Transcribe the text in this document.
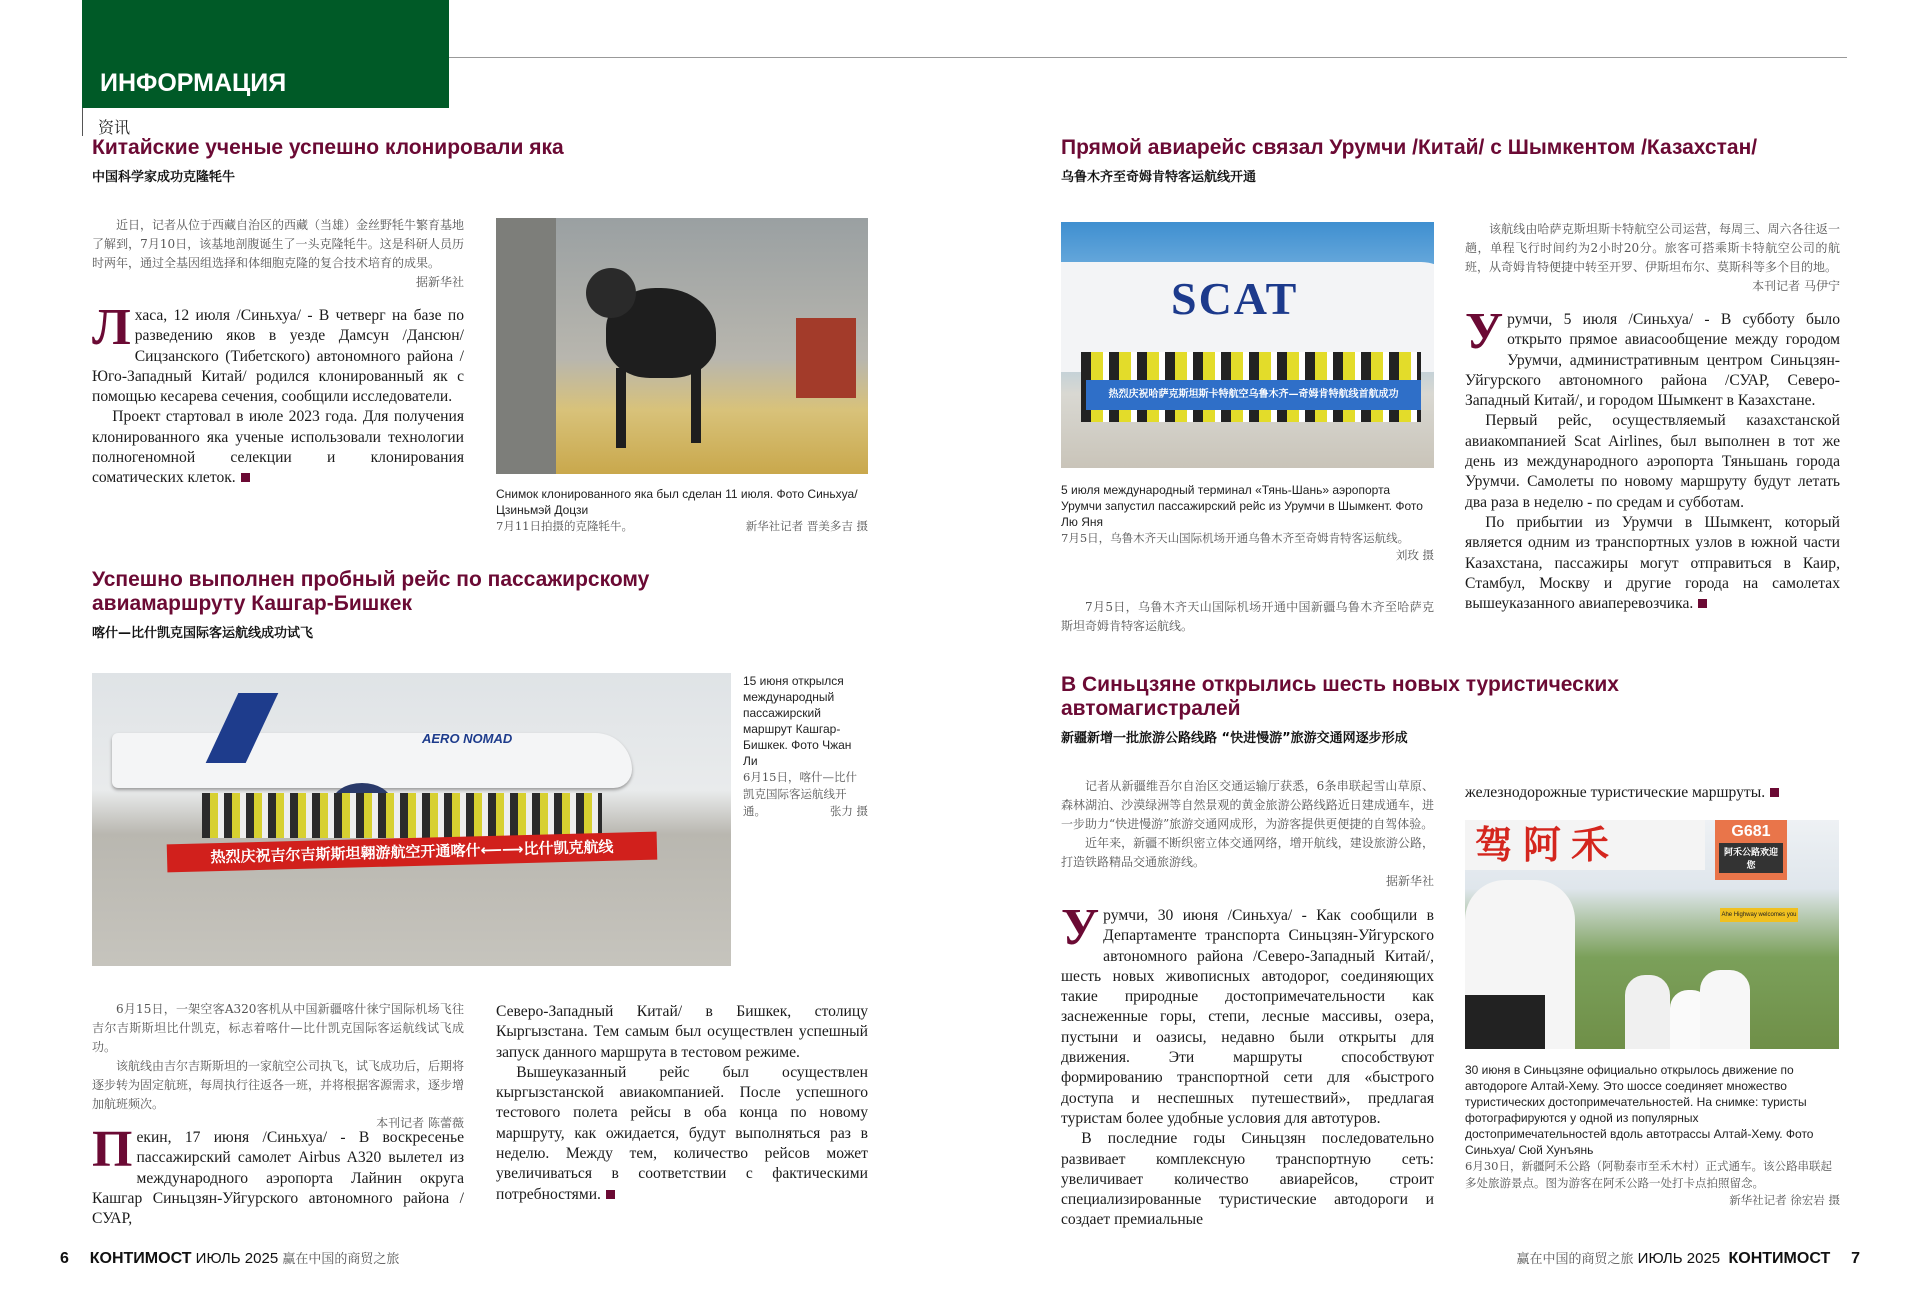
ИНФОРМАЦИЯ
资讯
Китайские ученые успешно клонировали яка
中国科学家成功克隆牦牛
近日，记者从位于西藏自治区的西藏（当雄）金丝野牦牛繁育基地了解到，7月10日，该基地剖腹诞生了一头克隆牦牛。这是科研人员历时两年，通过全基因组选择和体细胞克隆的复合技术培育的成果。
据新华社

Лхаса, 12 июля /Синьхуа/ - В четверг на базе по разведению яков в уезде Дамсун /Дансюн/ Сицзанского (Тибетского) автономного района /Юго-Западный Китай/ родился клонированный як с помощью кесарева сечения, сообщили исследователи.

Проект стартовал в июле 2023 года. Для получения клонированного яка ученые использовали технологии полногеномной селекции и клонирования соматических клеток.

Снимок клонированного яка был сделан 11 июля. Фото Синьхуа/ Цзиньмэй Доцзи
7月11日拍摄的克隆牦牛。	新华社记者 晋美多吉 摄
Успешно выполнен пробный рейс по пассажирскому авиамаршруту Кашгар-Бишкек
喀什—比什凯克国际客运航线成功试飞
AERO NOMAD
热烈庆祝吉尔吉斯斯坦翱游航空开通喀什⟵⟶比什凯克航线
15 июня открылся международный пассажирский маршрут Кашгар-Бишкек. Фото Чжан Ли
6月15日，喀什—比什凯克国际客运航线开通。	张力 摄
6月15日，一架空客A320客机从中国新疆喀什徕宁国际机场飞往吉尔吉斯斯坦比什凯克，标志着喀什—比什凯克国际客运航线试飞成功。
该航线由吉尔吉斯斯坦的一家航空公司执飞，试飞成功后，后期将逐步转为固定航班，每周执行往返各一班，并将根据客源需求，逐步增加航班频次。
本刊记者 陈蕾薇

Пекин, 17 июня /Синьхуа/ - В воскресенье пассажирский самолет Airbus A320 вылетел из международного аэропорта Лайнин округа Кашгар Синьцзян-Уйгурского автономного района /СУАР,

Северо-Западный Китай/ в Бишкек, столицу Кыргызстана. Тем самым был осуществлен успешный запуск данного маршрута в тестовом режиме.

Вышеуказанный рейс был осуществлен кыргызстанской авиакомпанией. После успешного тестового полета рейсы в оба конца по новому маршруту, как ожидается, будут выполняться раз в неделю. Между тем, количество рейсов может увеличиваться в соответствии с фактическими потребностями.

Прямой авиарейс связал Урумчи /Китай/ с Шымкентом /Казахстан/
乌鲁木齐至奇姆肯特客运航线开通
SCAT
热烈庆祝哈萨克斯坦斯卡特航空乌鲁木齐—奇姆肯特航线首航成功
5 июля международный терминал «Тянь-Шань» аэропорта Урумчи запустил пассажирский рейс из Урумчи в Шымкент. Фото Лю Яня
7月5日，乌鲁木齐天山国际机场开通乌鲁木齐至奇姆肯特客运航线。
刘玫 摄
7月5日，乌鲁木齐天山国际机场开通中国新疆乌鲁木齐至哈萨克斯坦奇姆肯特客运航线。
该航线由哈萨克斯坦斯卡特航空公司运营，每周三、周六各往返一趟，单程飞行时间约为2小时20分。旅客可搭乘斯卡特航空公司的航班，从奇姆肯特便捷中转至开罗、伊斯坦布尔、莫斯科等多个目的地。
本刊记者 马伊宁

Урумчи, 5 июля /Синьхуа/ - В субботу было открыто прямое авиасообщение между городом Урумчи, административным центром Синьцзян-Уйгурского автономного района /СУАР, Северо-Западный Китай/, и городом Шымкент в Казахстане.

Первый рейс, осуществляемый казахстанской авиакомпанией Scat Airlines, был выполнен в тот же день из международного аэропорта Тяньшань города Урумчи. Самолеты по новому маршруту будут летать два раза в неделю - по средам и субботам.

По прибытии из Урумчи в Шымкент, который является одним из транспортных узлов в южной части Казахстана, пассажиры могут отправиться в Каир, Стамбул, Москву и другие города на самолетах вышеуказанного авиаперевозчика.

В Синьцзяне открылись шесть новых туристических автомагистралей
新疆新增一批旅游公路线路 “快进慢游”旅游交通网逐步形成
记者从新疆维吾尔自治区交通运输厅获悉，6条串联起雪山草原、森林湖泊、沙漠绿洲等自然景观的黄金旅游公路线路近日建成通车，进一步助力“快进慢游”旅游交通网成形，为游客提供更便捷的自驾体验。
近年来，新疆不断织密立体交通网络，增开航线，建设旅游公路，打造铁路精品交通旅游线。
据新华社

Урумчи, 30 июня /Синьхуа/ - Как сообщили в Департаменте транспорта Синьцзян-Уйгурского автономного района /Северо-Западный Китай/, шесть новых живописных автодорог, соединяющих такие природные достопримечательности как заснеженные горы, степи, лесные массивы, озера, пустыни и оазисы, недавно были открыты для движения. Эти маршруты способствуют формированию транспортной сети для «быстрого доступа и неспешных путешествий», предлагая туристам более удобные условия для автотуров.

В последние годы Синьцзян последовательно развивает комплексную транспортную сеть: увеличивает количество авиарейсов, строит специализированные туристические автодороги и создает премиальные

железнодорожные туристические маршруты.

驾阿禾	G681
阿禾公路欢迎您
Ahe Highway welcomes you
30 июня в Синьцзяне официально открылось движение по автодороге Алтай-Хему. Это шоссе соединяет множество туристических достопримечательностей. На снимке: туристы фотографируются у одной из популярных достопримечательностей вдоль автотрассы Алтай-Хему. Фото Синьхуа/ Сюй Хунъянь
6月30日，新疆阿禾公路（阿勒泰市至禾木村）正式通车。该公路串联起多处旅游景点。图为游客在阿禾公路一处打卡点拍照留念。
新华社记者 徐宏岩 摄
6 КОНТИМОСТ ИЮЛЬ 2025 赢在中国的商贸之旅	赢在中国的商贸之旅 ИЮЛЬ 2025 КОНТИМОСТ 7
